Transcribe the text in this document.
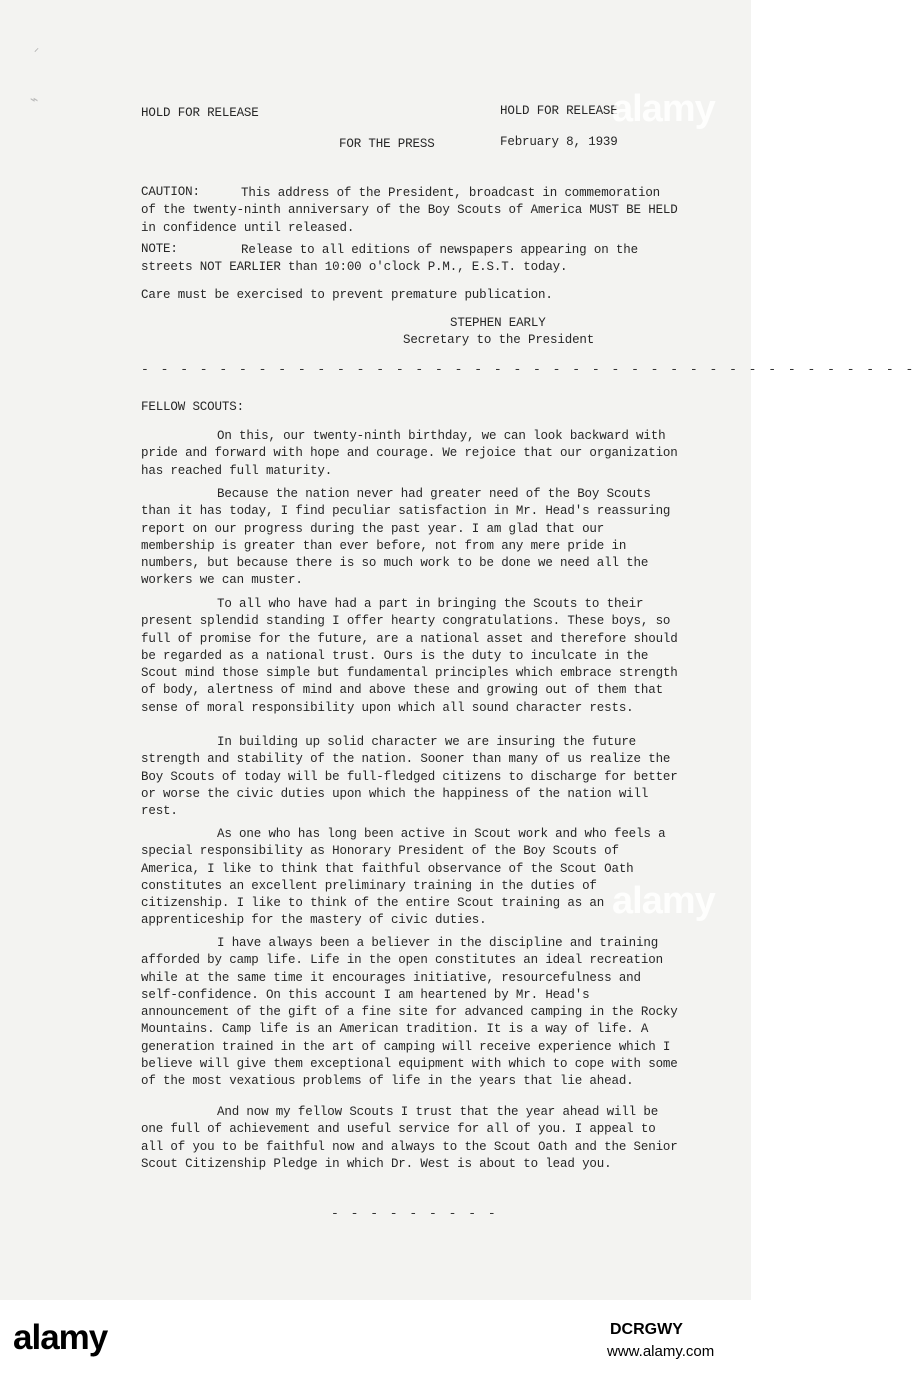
⸝
⌁
HOLD FOR RELEASE	HOLD FOR RELEASE
FOR THE PRESS	February 8, 1939
CAUTION:	This address of the President, broadcast in commemoration of the twenty-ninth anniversary of the Boy Scouts of America MUST BE HELD in confidence until released.
NOTE:	Release to all editions of newspapers appearing on the streets NOT EARLIER than 10:00 o'clock P.M., E.S.T. today.
Care must be exercised to prevent premature publication.
STEPHEN EARLY
Secretary to the President
- - - - - - - - - - - - - - - - - - - - - - - - - - - - - - - - - - - - - - - -
FELLOW SCOUTS:
On this, our twenty-ninth birthday, we can look backward with pride and forward with hope and courage. We rejoice that our organization has reached full maturity.
Because the nation never had greater need of the Boy Scouts than it has today, I find peculiar satisfaction in Mr. Head's reassuring report on our progress during the past year. I am glad that our membership is greater than ever before, not from any mere pride in numbers, but because there is so much work to be done we need all the workers we can muster.
To all who have had a part in bringing the Scouts to their present splendid standing I offer hearty congratulations. These boys, so full of promise for the future, are a national asset and therefore should be regarded as a national trust. Ours is the duty to inculcate in the Scout mind those simple but fundamental principles which embrace strength of body, alertness of mind and above these and growing out of them that sense of moral responsibility upon which all sound character rests.
In building up solid character we are insuring the future strength and stability of the nation. Sooner than many of us realize the Boy Scouts of today will be full-fledged citizens to discharge for better or worse the civic duties upon which the happiness of the nation will rest.
As one who has long been active in Scout work and who feels a special responsibility as Honorary President of the Boy Scouts of America, I like to think that faithful observance of the Scout Oath constitutes an excellent preliminary training in the duties of citizenship. I like to think of the entire Scout training as an apprenticeship for the mastery of civic duties.
I have always been a believer in the discipline and training afforded by camp life. Life in the open constitutes an ideal recreation while at the same time it encourages initiative, resourcefulness and self-confidence. On this account I am heartened by Mr. Head's announcement of the gift of a fine site for advanced camping in the Rocky Mountains. Camp life is an American tradition. It is a way of life. A generation trained in the art of camping will receive experience which I believe will give them exceptional equipment with which to cope with some of the most vexatious problems of life in the years that lie ahead.
And now my fellow Scouts I trust that the year ahead will be one full of achievement and useful service for all of you. I appeal to all of you to be faithful now and always to the Scout Oath and the Senior Scout Citizenship Pledge in which Dr. West is about to lead you.
- - - - - - - - -
alamy
alamy
alamy	DCRGWY
www.alamy.com
